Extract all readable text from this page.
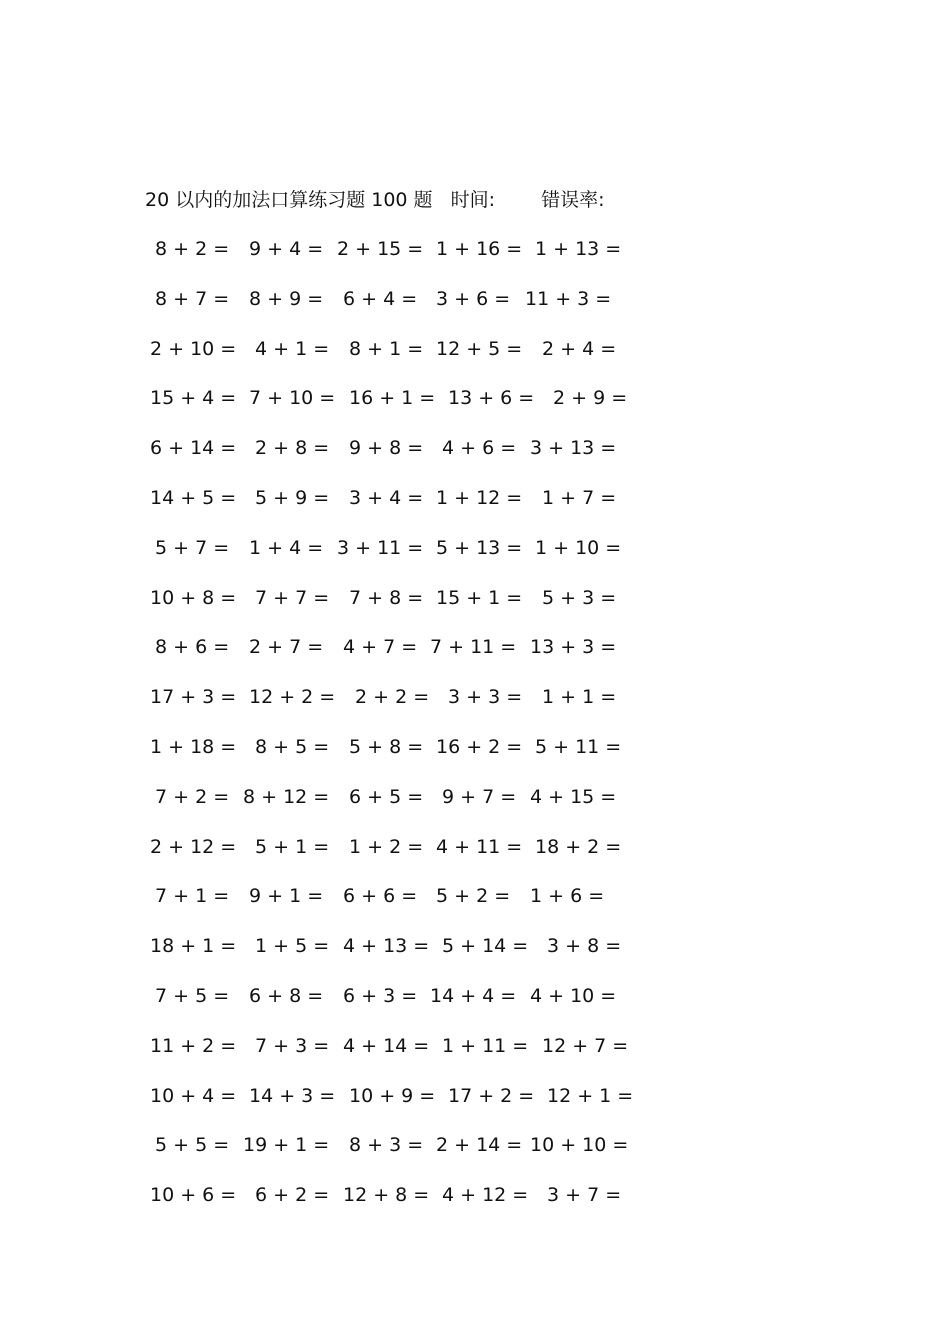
20 以内的加法口算练习题 100 题 时间: 错误率:
8 + 2 = 9 + 4 = 2 + 15 = 1 + 16 = 1 + 13 =
8 + 7 = 8 + 9 = 6 + 4 = 3 + 6 = 11 + 3 =
2 + 10 = 4 + 1 = 8 + 1 = 12 + 5 = 2 + 4 =
15 + 4 = 7 + 10 = 16 + 1 = 13 + 6 = 2 + 9 =
6 + 14 = 2 + 8 = 9 + 8 = 4 + 6 = 3 + 13 =
14 + 5 = 5 + 9 = 3 + 4 = 1 + 12 = 1 + 7 =
5 + 7 = 1 + 4 = 3 + 11 = 5 + 13 = 1 + 10 =
10 + 8 = 7 + 7 = 7 + 8 = 15 + 1 = 5 + 3 =
8 + 6 = 2 + 7 = 4 + 7 = 7 + 11 = 13 + 3 =
17 + 3 = 12 + 2 = 2 + 2 = 3 + 3 = 1 + 1 =
1 + 18 = 8 + 5 = 5 + 8 = 16 + 2 = 5 + 11 =
7 + 2 = 8 + 12 = 6 + 5 = 9 + 7 = 4 + 15 =
2 + 12 = 5 + 1 = 1 + 2 = 4 + 11 = 18 + 2 =
7 + 1 = 9 + 1 = 6 + 6 = 5 + 2 = 1 + 6 =
18 + 1 = 1 + 5 = 4 + 13 = 5 + 14 = 3 + 8 =
7 + 5 = 6 + 8 = 6 + 3 = 14 + 4 = 4 + 10 =
11 + 2 = 7 + 3 = 4 + 14 = 1 + 11 = 12 + 7 =
10 + 4 = 14 + 3 = 10 + 9 = 17 + 2 = 12 + 1 =
5 + 5 = 19 + 1 = 8 + 3 = 2 + 14 = 10 + 10 =
10 + 6 = 6 + 2 = 12 + 8 = 4 + 12 = 3 + 7 =
